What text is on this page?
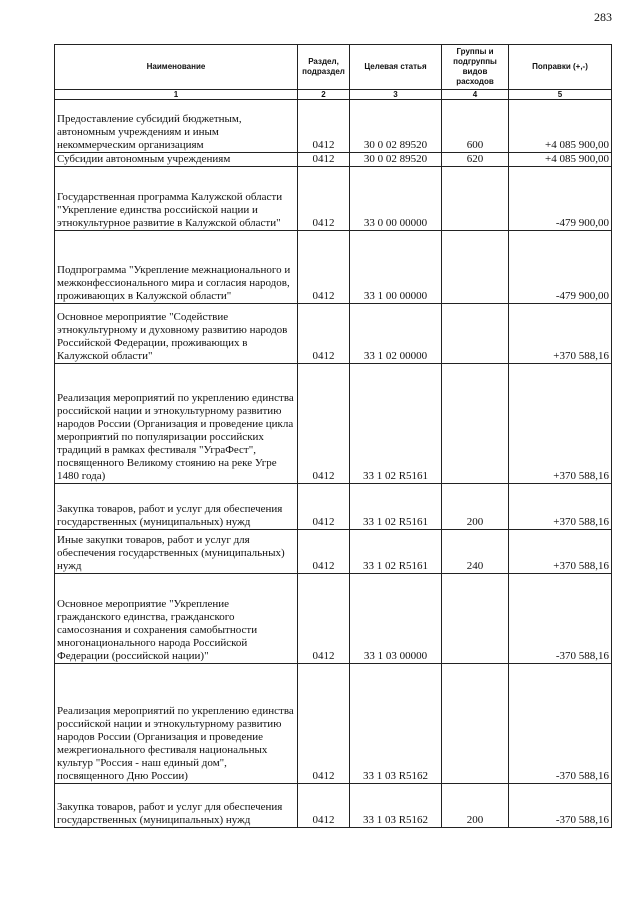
283
Наименование	Раздел, подраздел	Целевая статья	Группы и подгруппы видов расходов	Поправки (+,-)
1	2	3	4	5
Предоставление субсидий бюджетным, автономным учреждениям и иным некоммерческим организациям	0412	30 0 02 89520	600	+4 085 900,00
Субсидии автономным учреждениям	0412	30 0 02 89520	620	+4 085 900,00
Государственная программа Калужской области "Укрепление единства российской нации и этнокультурное развитие в Калужской области"	0412	33 0 00 00000		-479 900,00
Подпрограмма "Укрепление межнационального и межконфессионального мира и согласия народов, проживающих в Калужской области"	0412	33 1 00 00000		-479 900,00
Основное мероприятие "Содействие этнокультурному и духовному развитию народов Российской Федерации, проживающих в Калужской области"	0412	33 1 02 00000		+370 588,16
Реализация мероприятий по укреплению единства российской нации и этнокультурному развитию народов России (Организация и проведение цикла мероприятий по популяризации российских традиций в рамках фестиваля "УграФест", посвященного Великому стоянию на реке Угре 1480 года)	0412	33 1 02 R5161		+370 588,16
Закупка товаров, работ и услуг для обеспечения государственных (муниципальных) нужд	0412	33 1 02 R5161	200	+370 588,16
Иные закупки товаров, работ и услуг для обеспечения государственных (муниципальных) нужд	0412	33 1 02 R5161	240	+370 588,16
Основное мероприятие "Укрепление гражданского единства, гражданского самосознания и сохранения самобытности многонационального народа Российской Федерации (российской нации)"	0412	33 1 03 00000		-370 588,16
Реализация мероприятий по укреплению единства российской нации и этнокультурному развитию народов России (Организация и проведение межрегионального фестиваля национальных культур "Россия - наш единый дом", посвященного Дню России)	0412	33 1 03 R5162		-370 588,16
Закупка товаров, работ и услуг для обеспечения государственных (муниципальных) нужд	0412	33 1 03 R5162	200	-370 588,16
